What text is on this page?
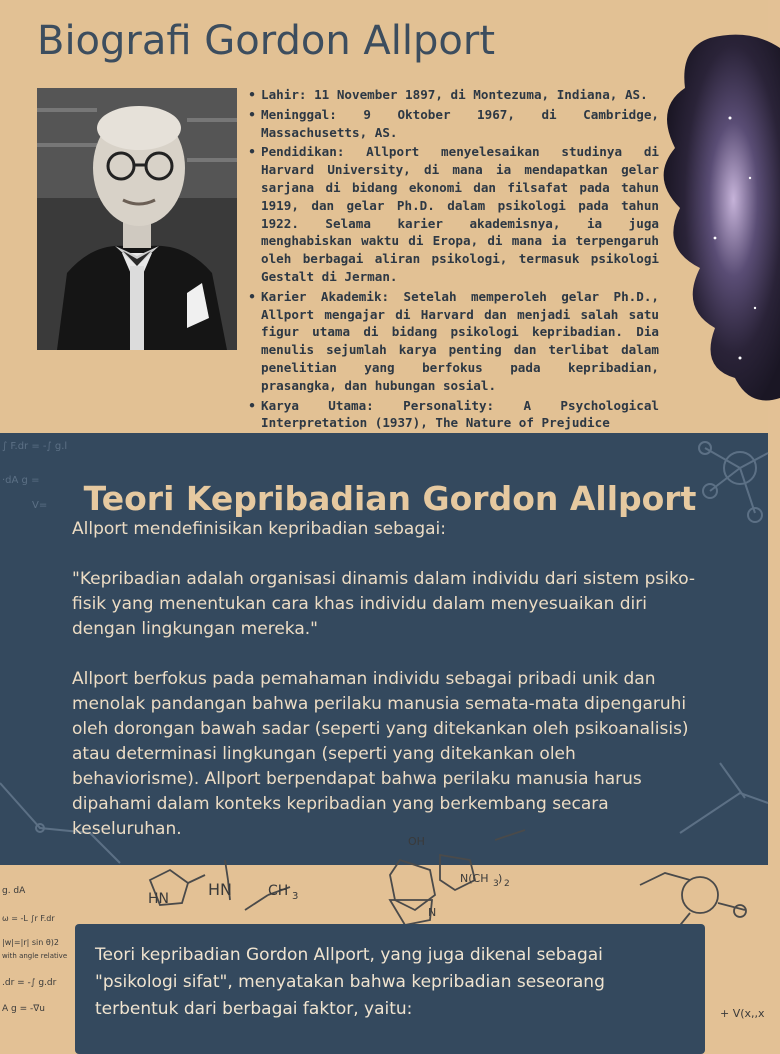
Biografi Gordon Allport
• Lahir: 11 November 1897, di Montezuma, Indiana, AS.
• Meninggal: 9 Oktober 1967, di Cambridge, Massachusetts, AS.
• Pendidikan: Allport menyelesaikan studinya di Harvard University, di mana ia mendapatkan gelar sarjana di bidang ekonomi dan filsafat pada tahun 1919, dan gelar Ph.D. dalam psikologi pada tahun 1922. Selama karier akademisnya, ia juga menghabiskan waktu di Eropa, di mana ia terpengaruh oleh berbagai aliran psikologi, termasuk psikologi Gestalt di Jerman.
• Karier Akademik: Setelah memperoleh gelar Ph.D., Allport mengajar di Harvard dan menjadi salah satu figur utama di bidang psikologi kepribadian. Dia menulis sejumlah karya penting dan terlibat dalam penelitian yang berfokus pada kepribadian, prasangka, dan hubungan sosial.
• Karya Utama: Personality: A Psychological Interpretation (1937), The Nature of Prejudice
∫ F.dr = -∫ g.l
·dA g =
V=	Teori Kepribadian Gordon Allport

Allport mendefinisikan kepribadian sebagai:

"Kepribadian adalah organisasi dinamis dalam individu dari sistem psiko-fisik yang menentukan cara khas individu dalam menyesuaikan diri dengan lingkungan mereka."

Allport berfokus pada pemahaman individu sebagai pribadi unik dan menolak pandangan bahwa perilaku manusia semata-mata dipengaruhi oleh dorongan bawah sadar (seperti yang ditekankan oleh psikoanalisis) atau determinasi lingkungan (seperti yang ditekankan oleh behaviorisme). Allport berpendapat bahwa perilaku manusia harus dipahami dalam konteks kepribadian yang berkembang secara keseluruhan.

HN HN	CH 3
OH
N(CH 3 ) 2
N
g. dA
ω = -L ∫r F.dr
|w|=|r| sin θ)2
with angle relative
.dr = -∫ g.dr
A g = -∇u	+ V(x,,x

Teori kepribadian Gordon Allport, yang juga dikenal sebagai "psikologi sifat", menyatakan bahwa kepribadian seseorang terbentuk dari berbagai faktor, yaitu:
